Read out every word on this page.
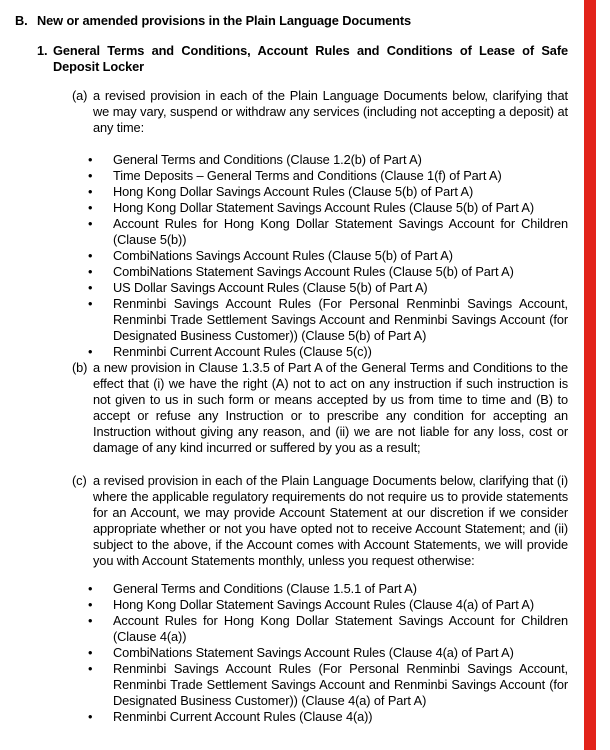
B. New or amended provisions in the Plain Language Documents
1. General Terms and Conditions, Account Rules and Conditions of Lease of Safe Deposit Locker
(a) a revised provision in each of the Plain Language Documents below, clarifying that we may vary, suspend or withdraw any services (including not accepting a deposit) at any time:
•	General Terms and Conditions (Clause 1.2(b) of Part A)
•	Time Deposits – General Terms and Conditions (Clause 1(f) of Part A)
•	Hong Kong Dollar Savings Account Rules (Clause 5(b) of Part A)
•	Hong Kong Dollar Statement Savings Account Rules (Clause 5(b) of Part A)
•	Account Rules for Hong Kong Dollar Statement Savings Account for Children (Clause 5(b))
•	CombiNations Savings Account Rules (Clause 5(b) of Part A)
•	CombiNations Statement Savings Account Rules (Clause 5(b) of Part A)
•	US Dollar Savings Account Rules (Clause 5(b) of Part A)
•	Renminbi Savings Account Rules (For Personal Renminbi Savings Account, Renminbi Trade Settlement Savings Account and Renminbi Savings Account (for Designated Business Customer)) (Clause 5(b) of Part A)
•	Renminbi Current Account Rules (Clause 5(c))
(b) a new provision in Clause 1.3.5 of Part A of the General Terms and Conditions to the effect that (i) we have the right (A) not to act on any instruction if such instruction is not given to us in such form or means accepted by us from time to time and (B) to accept or refuse any Instruction or to prescribe any condition for accepting an Instruction without giving any reason, and (ii) we are not liable for any loss, cost or damage of any kind incurred or suffered by you as a result;
(c) a revised provision in each of the Plain Language Documents below, clarifying that (i) where the applicable regulatory requirements do not require us to provide statements for an Account, we may provide Account Statement at our discretion if we consider appropriate whether or not you have opted not to receive Account Statement; and (ii) subject to the above, if the Account comes with Account Statements, we will provide you with Account Statements monthly, unless you request otherwise:
•	General Terms and Conditions (Clause 1.5.1 of Part A)
•	Hong Kong Dollar Statement Savings Account Rules (Clause 4(a) of Part A)
•	Account Rules for Hong Kong Dollar Statement Savings Account for Children (Clause 4(a))
•	CombiNations Statement Savings Account Rules (Clause 4(a) of Part A)
•	Renminbi Savings Account Rules (For Personal Renminbi Savings Account, Renminbi Trade Settlement Savings Account and Renminbi Savings Account (for Designated Business Customer)) (Clause 4(a) of Part A)
•	Renminbi Current Account Rules (Clause 4(a))
